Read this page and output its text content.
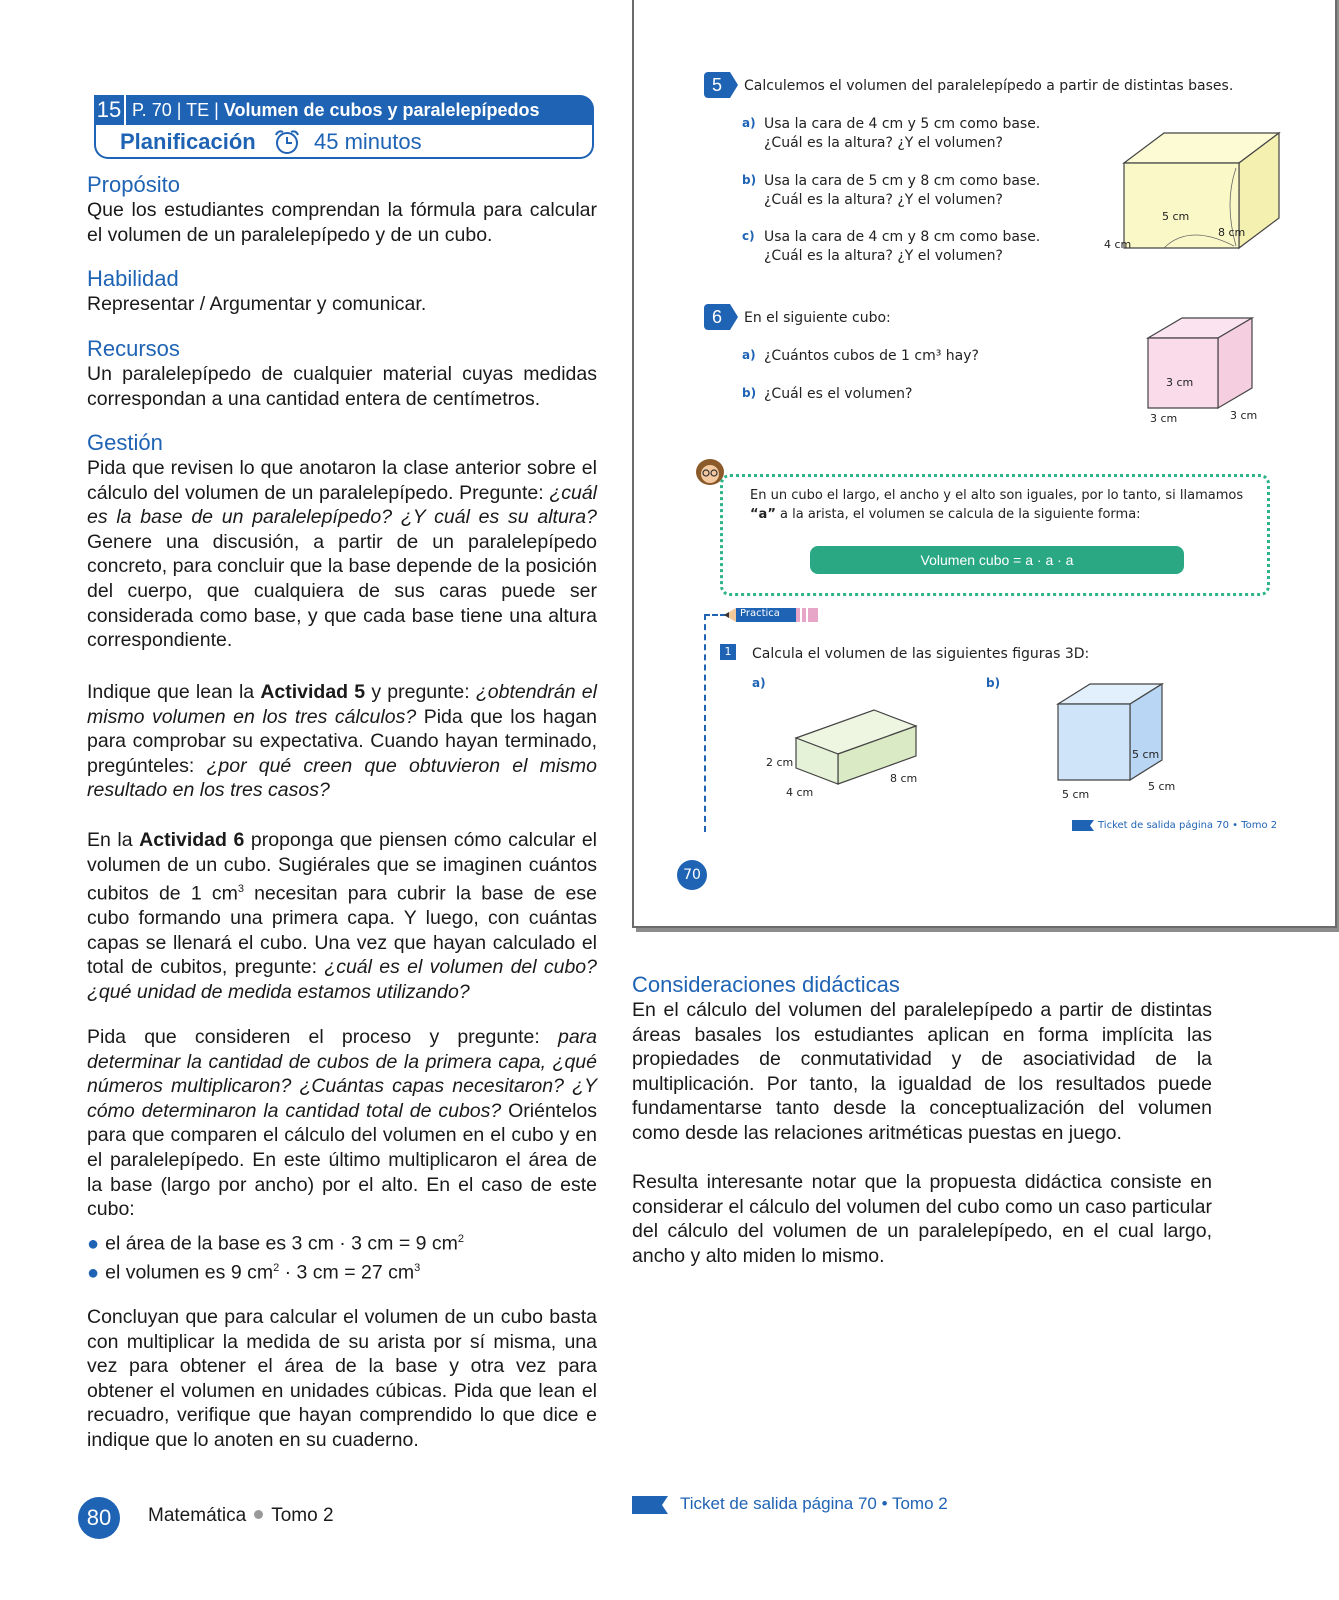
15 P. 70 | TE | Volumen de cubos y paralelepípedos
Planificación	45 minutos
Propósito
Que los estudiantes comprendan la fórmula para calcular el volumen de un paralelepípedo y de un cubo.
Habilidad
Representar / Argumentar y comunicar.
Recursos
Un paralelepípedo de cualquier material cuyas medidas correspondan a una cantidad entera de centímetros.
Gestión
Pida que revisen lo que anotaron la clase anterior sobre el cálculo del volumen de un paralelepípedo. Pregunte: ¿cuál es la base de un paralelepípedo? ¿Y cuál es su altura? Genere una discusión, a partir de un paralelepípedo concreto, para concluir que la base depende de la posición del cuerpo, que cualquiera de sus caras puede ser considerada como base, y que cada base tiene una altura correspondiente.
Indique que lean la Actividad 5 y pregunte: ¿obtendrán el mismo volumen en los tres cálculos? Pida que los hagan para comprobar su expectativa. Cuando hayan terminado, pregúnteles: ¿por qué creen que obtuvieron el mismo resultado en los tres casos?
En la Actividad 6 proponga que piensen cómo calcular el volumen de un cubo. Sugiérales que se imaginen cuántos cubitos de 1 $cm^3$ necesitan para cubrir la base de ese cubo formando una primera capa. Y luego, con cuántas capas se llenará el cubo. Una vez que hayan calculado el total de cubitos, pregunte: ¿cuál es el volumen del cubo? ¿qué unidad de medida estamos utilizando?
Pida que consideren el proceso y pregunte: para determinar la cantidad de cubos de la primera capa, ¿qué números multiplicaron? ¿Cuántas capas necesitaron? ¿Y cómo determinaron la cantidad total de cubos? Oriéntelos para que comparen el cálculo del volumen en el cubo y en el paralelepípedo. En este último multiplicaron el área de la base (largo por ancho) por el alto. En el caso de este cubo:
● el área de la base es 3 cm · 3 cm = 9 $cm^2$
● el volumen es 9 $cm^2 \cdot 3$ cm = 27 $cm^3$
Concluyan que para calcular el volumen de un cubo basta con multiplicar la medida de su arista por sí misma, una vez para obtener el área de la base y otra vez para obtener el volumen en unidades cúbicas. Pida que lean el recuadro, verifique que hayan comprendido lo que dice e indique que lo anoten en su cuaderno.
80	Matemática Tomo 2
5	Calculemos el volumen del paralelepípedo a partir de distintas bases.
a) Usa la cara de 4 cm y 5 cm como base.
¿Cuál es la altura? ¿Y el volumen?
b) Usa la cara de 5 cm y 8 cm como base.
¿Cuál es la altura? ¿Y el volumen?
c) Usa la cara de 4 cm y 8 cm como base.
¿Cuál es la altura? ¿Y el volumen?
5 cm
8 cm
4 cm
6	En el siguiente cubo:
a) ¿Cuántos cubos de 1 cm³ hay?
b) ¿Cuál es el volumen?
3 cm
3 cm	3 cm
En un cubo el largo, el ancho y el alto son iguales, por lo tanto, si llamamos
“a” a la arista, el volumen se calcula de la siguiente forma:
Volumen cubo = a · a · a
Practica
1	Calcula el volumen de las siguientes figuras 3D:
a)	b)
2 cm
4 cm
8 cm
5 cm
5 cm
5 cm
Ticket de salida página 70 • Tomo 2
70
Consideraciones didácticas
En el cálculo del volumen del paralelepípedo a partir de distintas áreas basales los estudiantes aplican en forma implícita las propiedades de conmutatividad y de asociatividad de la multiplicación. Por tanto, la igualdad de los resultados puede fundamentarse tanto desde la conceptualización del volumen como desde las relaciones aritméticas puestas en juego.
Resulta interesante notar que la propuesta didáctica consiste en considerar el cálculo del volumen del cubo como un caso particular del cálculo del volumen de un paralelepípedo, en el cual largo, ancho y alto miden lo mismo.
Ticket de salida página 70 • Tomo 2
